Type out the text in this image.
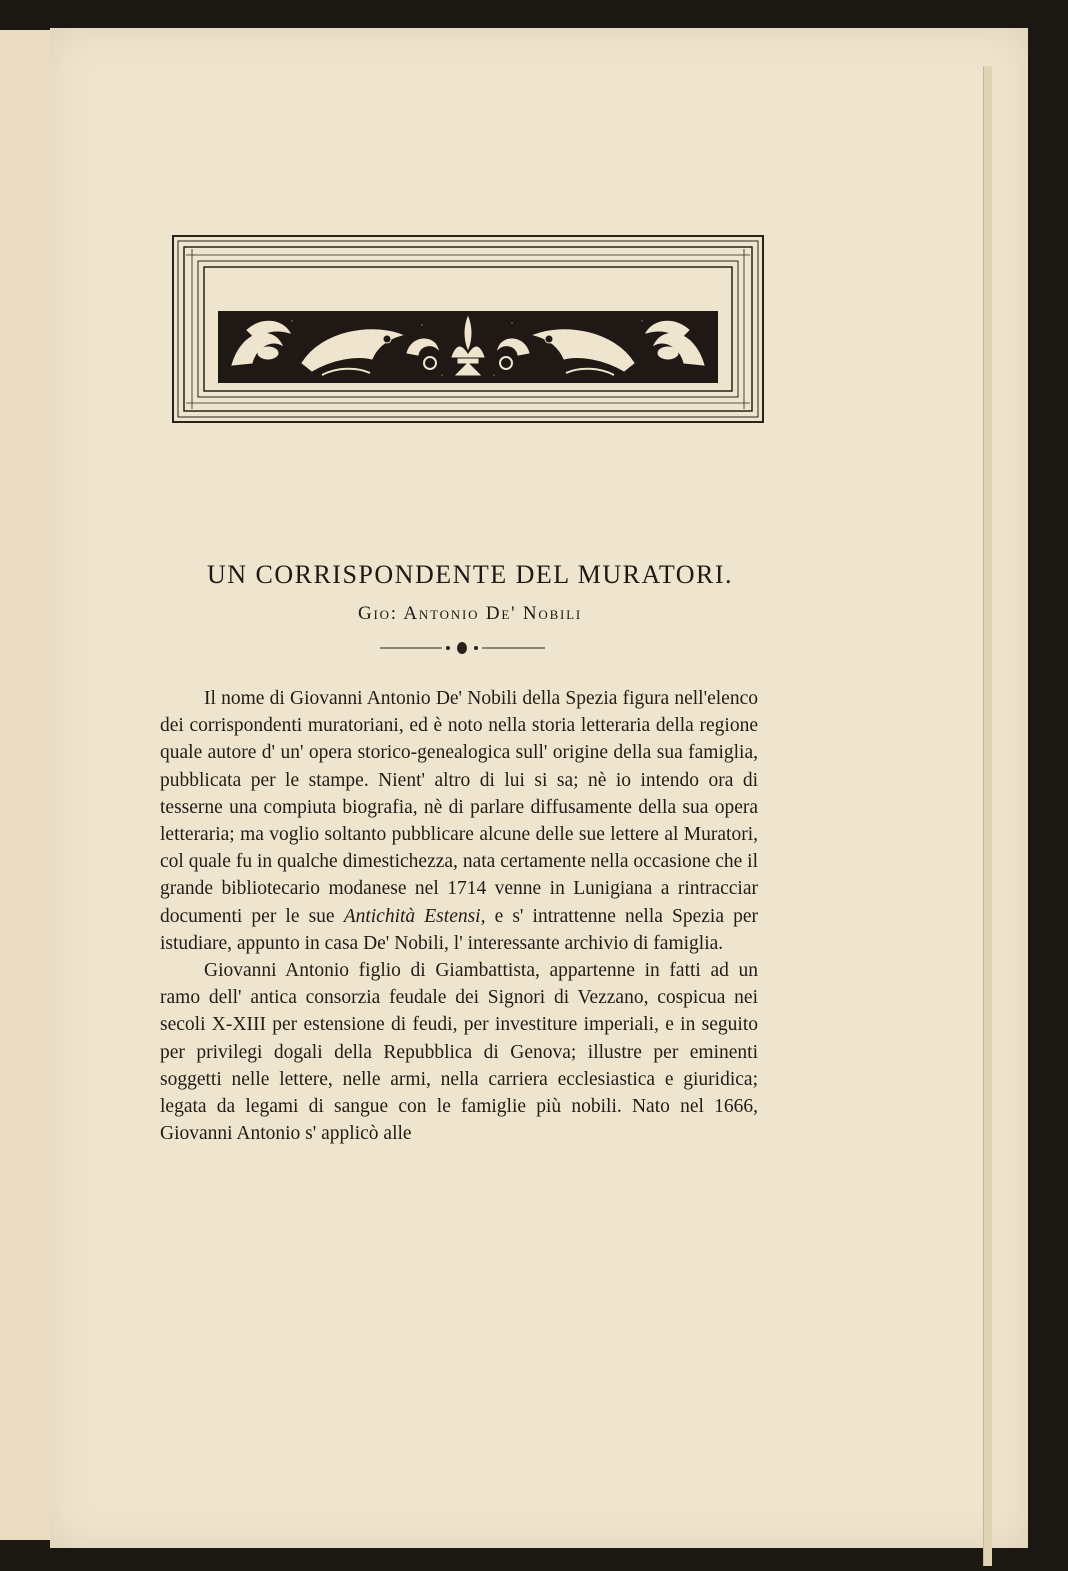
UN CORRISPONDENTE DEL MURATORI.
Gio: Antonio De' Nobili

Il nome di Giovanni Antonio De' Nobili della Spezia figura nell'elenco dei corrispondenti muratoriani, ed è noto nella storia letteraria della regione quale autore d' un' opera storico-genealogica sull' origine della sua famiglia, pubblicata per le stampe. Nient' altro di lui si sa; nè io intendo ora di tesserne una compiuta biografia, nè di parlare diffusamente della sua opera letteraria; ma voglio soltanto pubblicare alcune delle sue lettere al Muratori, col quale fu in qualche dimestichezza, nata certamente nella occasione che il grande bibliotecario modanese nel 1714 venne in Lunigiana a rintracciar documenti per le sue Antichità Estensi, e s' intrattenne nella Spezia per istudiare, appunto in casa De' Nobili, l' interessante archivio di famiglia.

Giovanni Antonio figlio di Giambattista, appartenne in fatti ad un ramo dell' antica consorzia feudale dei Signori di Vezzano, cospicua nei secoli X-XIII per estensione di feudi, per investiture imperiali, e in seguito per privilegi dogali della Repubblica di Genova; illustre per eminenti soggetti nelle lettere, nelle armi, nella carriera ecclesiastica e giuridica; legata da legami di sangue con le famiglie più nobili. Nato nel 1666, Giovanni Antonio s' applicò alle
